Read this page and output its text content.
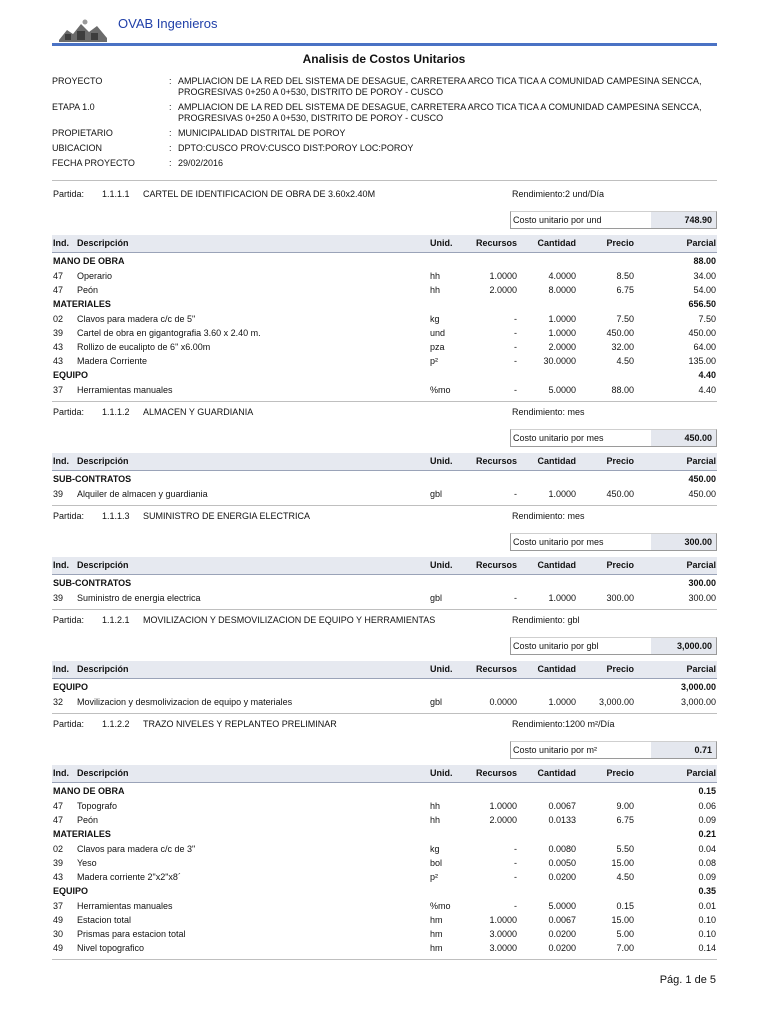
OVAB Ingenieros
Analisis de Costos Unitarios
PROYECTO	: AMPLIACION DE LA RED DEL SISTEMA DE DESAGUE, CARRETERA ARCO TICA TICA A COMUNIDAD CAMPESINA SENCCA,
PROGRESIVAS 0+250 A 0+530, DISTRITO DE POROY - CUSCO
ETAPA 1.0	: AMPLIACION DE LA RED DEL SISTEMA DE DESAGUE, CARRETERA ARCO TICA TICA A COMUNIDAD CAMPESINA SENCCA,
PROGRESIVAS 0+250 A 0+530, DISTRITO DE POROY - CUSCO
PROPIETARIO	: MUNICIPALIDAD DISTRITAL DE POROY
UBICACION	: DPTO:CUSCO PROV:CUSCO DIST:POROY LOC:POROY
FECHA PROYECTO	: 29/02/2016
Partida: 1.1.1.1 CARTEL DE IDENTIFICACION DE OBRA DE 3.60x2.40M	Rendimiento:2 und/Día
Costo unitario por und	748.90
Ind. Descripción	Unid.	Recursos Cantidad	Precio	Parcial
MANO DE OBRA	88.00
47 Operario	hh	1.0000	4.0000	8.50	34.00
47 Peón	hh	2.0000	8.0000	6.75	54.00
MATERIALES	656.50
02 Clavos para madera c/c de 5"	kg	-	1.0000	7.50	7.50
39 Cartel de obra en gigantografia 3.60 x 2.40 m.	und	-	1.0000	450.00	450.00
43 Rollizo de eucalipto de 6" x6.00m	pza	-	2.0000	32.00	64.00
43 Madera Corriente	p²	-	30.0000	4.50	135.00
EQUIPO	4.40
37 Herramientas manuales	%mo	-	5.0000	88.00	4.40
Partida: 1.1.1.2 ALMACEN Y GUARDIANIA	Rendimiento: mes
Costo unitario por mes	450.00
Ind. Descripción	Unid.	Recursos Cantidad	Precio	Parcial
SUB-CONTRATOS	450.00
39 Alquiler de almacen y guardiania	gbl	-	1.0000	450.00	450.00
Partida: 1.1.1.3 SUMINISTRO DE ENERGIA ELECTRICA	Rendimiento: mes
Costo unitario por mes	300.00
Ind. Descripción	Unid.	Recursos Cantidad	Precio	Parcial
SUB-CONTRATOS	300.00
39 Suministro de energia electrica	gbl	-	1.0000	300.00	300.00
Partida: 1.1.2.1 MOVILIZACION Y DESMOVILIZACION DE EQUIPO Y HERRAMIENTAS	Rendimiento: gbl
Costo unitario por gbl	3,000.00
Ind. Descripción	Unid.	Recursos Cantidad	Precio	Parcial
EQUIPO	3,000.00
32 Movilizacion y desmolivizacion de equipo y materiales	gbl	0.0000	1.0000	3,000.00	3,000.00
Partida: 1.1.2.2 TRAZO NIVELES Y REPLANTEO PRELIMINAR	Rendimiento:1200 m²/Día
Costo unitario por m²	0.71
Ind. Descripción	Unid.	Recursos Cantidad	Precio	Parcial
MANO DE OBRA	0.15
47 Topografo	hh	1.0000	0.0067	9.00	0.06
47 Peón	hh	2.0000	0.0133	6.75	0.09
MATERIALES	0.21
02 Clavos para madera c/c de 3"	kg	-	0.0080	5.50	0.04
39 Yeso	bol	-	0.0050	15.00	0.08
43 Madera corriente 2"x2"x8´	p²	-	0.0200	4.50	0.09
EQUIPO	0.35
37 Herramientas manuales	%mo	-	5.0000	0.15	0.01
49 Estacion total	hm	1.0000	0.0067	15.00	0.10
30 Prismas para estacion total	hm	3.0000	0.0200	5.00	0.10
49 Nivel topografico	hm	3.0000	0.0200	7.00	0.14
Pág. 1 de 5
